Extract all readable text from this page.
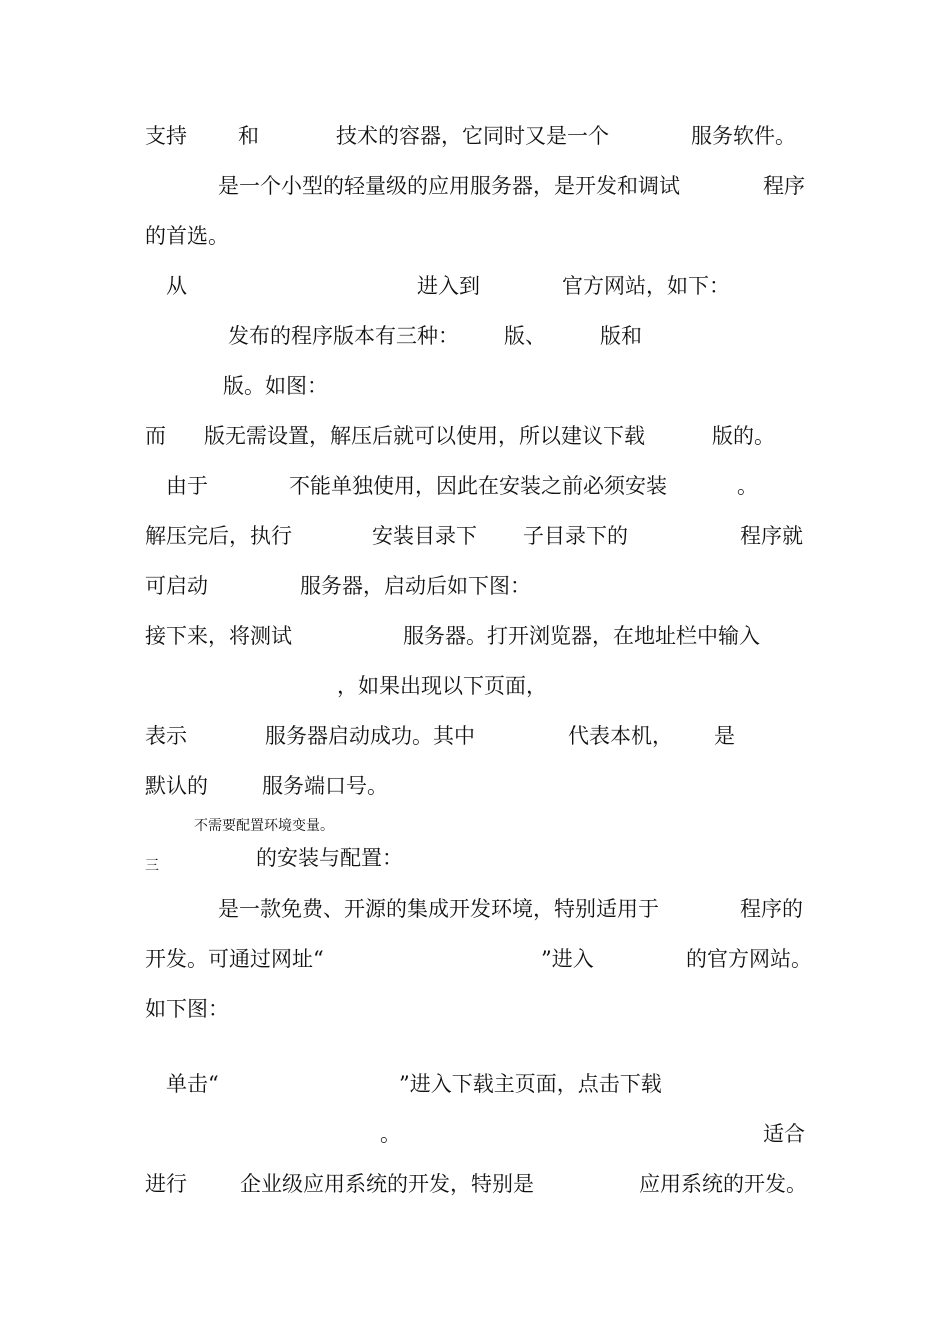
支持 和	技术的容器，它同时又是一个	服务软件。
是一个小型的轻量级的应用服务器，是开发和调试	程序
的首选。
从	进入到	官方网站，如下：
发布的程序版本有三种： 版、	版和
版。如图：
而 版无需设置，解压后就可以使用，所以建议下载	版的。
由于	不能单独使用，因此在安装之前必须安装	。
解压完后，执行	安装目录下 子目录下的	程序就
可启动	服务器，启动后如下图：
接下来，将测试	服务器。打开浏览器，在地址栏中输入
，如果出现以下页面，
表示	服务器启动成功。其中	代表本机， 是
默认的	服务端口号。
不需要配置环境变量。
的安装与配置：
三
是一款免费、开源的集成开发环境，特别适用于	程序的
开发。可通过网址“	”进入	的官方网站。
如下图：
单击“	”进入下载主页面，点击下载
。	适合
进行	企业级应用系统的开发，特别是	应用系统的开发。
